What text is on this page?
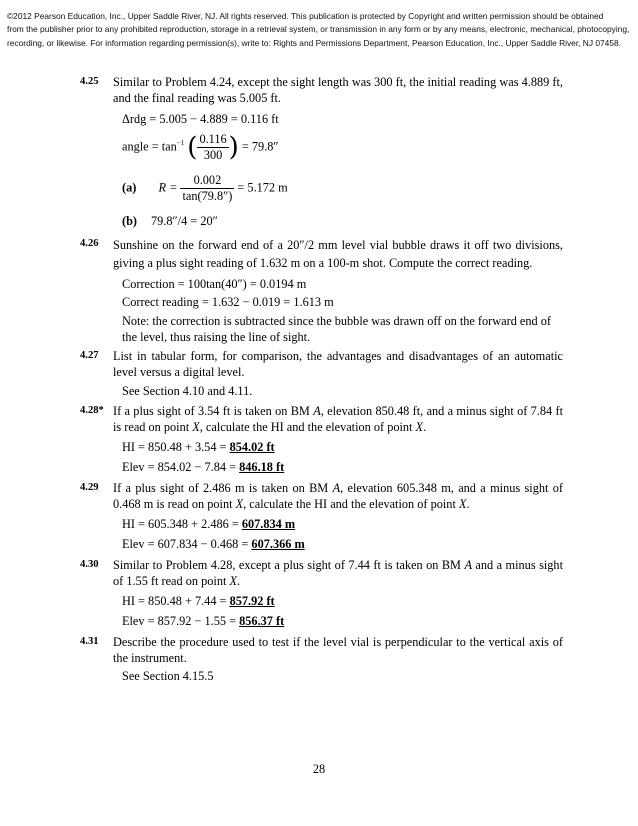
©2012 Pearson Education, Inc., Upper Saddle River, NJ. All rights reserved. This publication is protected by Copyright and written permission should be obtained
from the publisher prior to any prohibited reproduction, storage in a retrieval system, or transmission in any form or by any means, electronic, mechanical, photocopying,
recording, or likewise. For information regarding permission(s), write to: Rights and Permissions Department, Pearson Education, Inc., Upper Saddle River, NJ 07458.
4.25 Similar to Problem 4.24, except the sight length was 300 ft, the initial reading was 4.889 ft, and the final reading was 5.005 ft.
Δrdg = 5.005 − 4.889 = 0.116 ft
angle = $\tan^{-1}$ ( $\frac{0.116}{300}$ ) = 79.8″
(a) $R = \frac{0.002}{\tan(79.8'')} = 5.172$ m
(b) 79.8″/4 = 20″
4.26 Sunshine on the forward end of a 20″/2 mm level vial bubble draws it off two divisions, giving a plus sight reading of 1.632 m on a 100-m shot. Compute the correct reading.
Correction = 100tan(40″) = 0.0194 m
Correct reading = 1.632 − 0.019 = 1.613 m
Note: the correction is subtracted since the bubble was drawn off on the forward end of the level, thus raising the line of sight.
4.27 List in tabular form, for comparison, the advantages and disadvantages of an automatic level versus a digital level.
See Section 4.10 and 4.11.
4.28* If a plus sight of 3.54 ft is taken on BM A, elevation 850.48 ft, and a minus sight of 7.84 ft is read on point X, calculate the HI and the elevation of point X.
HI = 850.48 + 3.54 = 854.02 ft
Elev = 854.02 − 7.84 = 846.18 ft
4.29 If a plus sight of 2.486 m is taken on BM A, elevation 605.348 m, and a minus sight of 0.468 m is read on point X, calculate the HI and the elevation of point X.
HI = 605.348 + 2.486 = 607.834 m
Elev = 607.834 − 0.468 = 607.366 m
4.30 Similar to Problem 4.28, except a plus sight of 7.44 ft is taken on BM A and a minus sight of 1.55 ft read on point X.
HI = 850.48 + 7.44 = 857.92 ft
Elev = 857.92 − 1.55 = 856.37 ft
4.31 Describe the procedure used to test if the level vial is perpendicular to the vertical axis of the instrument.
See Section 4.15.5
28
